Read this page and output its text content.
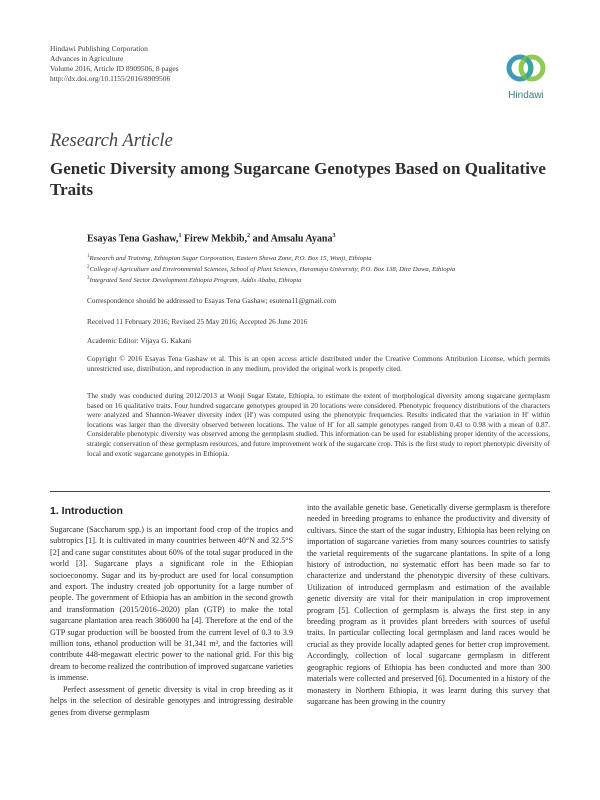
Hindawi Publishing Corporation
Advances in Agriculture
Volume 2016, Article ID 8909506, 8 pages
http://dx.doi.org/10.1155/2016/8909506
Hindawi
Research Article
Genetic Diversity among Sugarcane Genotypes Based on Qualitative Traits
Esayas Tena Gashaw,$^1$ Firew Mekbib,$^2$ and Amsalu Ayana$^3$
$^1$Research and Training, Ethiopian Sugar Corporation, Eastern Shewa Zone, P.O. Box 15, Wonji, Ethiopia
$^2$College of Agriculture and Environmental Sciences, School of Plant Sciences, Haramaya University, P.O. Box 138, Dire Dawa, Ethiopia
$^3$Integrated Seed Sector Development Ethiopia Program, Addis Ababa, Ethiopia
Correspondence should be addressed to Esayas Tena Gashaw; esutena11@gmail.com
Received 11 February 2016; Revised 25 May 2016; Accepted 26 June 2016
Academic Editor: Vijaya G. Kakani
Copyright © 2016 Esayas Tena Gashaw et al. This is an open access article distributed under the Creative Commons Attribution License, which permits unrestricted use, distribution, and reproduction in any medium, provided the original work is properly cited.
The study was conducted during 2012/2013 at Wonji Sugar Estate, Ethiopia, to estimate the extent of morphological diversity among sugarcane germplasm based on 16 qualitative traits. Four hundred sugarcane genotypes grouped in 20 locations were considered. Phenotypic frequency distributions of the characters were analyzed and Shannon-Weaver diversity index (H′) was computed using the phenotypic frequencies. Results indicated that the variation in H′ within locations was larger than the diversity observed between locations. The value of H′ for all sample genotypes ranged from 0.43 to 0.98 with a mean of 0.87. Considerable phenotypic diversity was observed among the germplasm studied. This information can be used for establishing proper identity of the accessions, strategic conservation of these germplasm resources, and future improvement work of the sugarcane crop. This is the first study to report phenotypic diversity of local and exotic sugarcane genotypes in Ethiopia.
1. Introduction

Sugarcane (Saccharum spp.) is an important food crop of the tropics and subtropics [1]. It is cultivated in many countries between 40°N and 32.5°S [2] and cane sugar constitutes about 60% of the total sugar produced in the world [3]. Sugarcane plays a significant role in the Ethiopian socioeconomy. Sugar and its by-product are used for local consumption and export. The industry created job opportunity for a large number of people. The government of Ethiopia has an ambition in the second growth and transformation (2015/2016–2020) plan (GTP) to make the total sugarcane plantation area reach 386000 ha [4]. Therefore at the end of the GTP sugar production will be boosted from the current level of 0.3 to 3.9 million tons, ethanol production will be 31,341 m³, and the factories will contribute 448-megawatt electric power to the national grid. For this big dream to become realized the contribution of improved sugarcane varieties is immense.

Perfect assessment of genetic diversity is vital in crop breeding as it helps in the selection of desirable genotypes and introgressing desirable genes from diverse germplasm

into the available genetic base. Genetically diverse germplasm is therefore needed in breeding programs to enhance the productivity and diversity of cultivars. Since the start of the sugar industry, Ethiopia has been relying on importation of sugarcane varieties from many sources countries to satisfy the varietal requirements of the sugarcane plantations. In spite of a long history of introduction, no systematic effort has been made so far to characterize and understand the phenotypic diversity of these cultivars. Utilization of introduced germplasm and estimation of the available genetic diversity are vital for their manipulation in crop improvement program [5]. Collection of germplasm is always the first step in any breeding program as it provides plant breeders with sources of useful traits. In particular collecting local germplasm and land races would be crucial as they provide locally adapted genes for better crop improvement. Accordingly, collection of local sugarcane germplasm in different geographic regions of Ethiopia has been conducted and more than 300 materials were collected and preserved [6]. Documented in a history of the monastery in Northern Ethiopia, it was learnt during this survey that sugarcane has been growing in the country
